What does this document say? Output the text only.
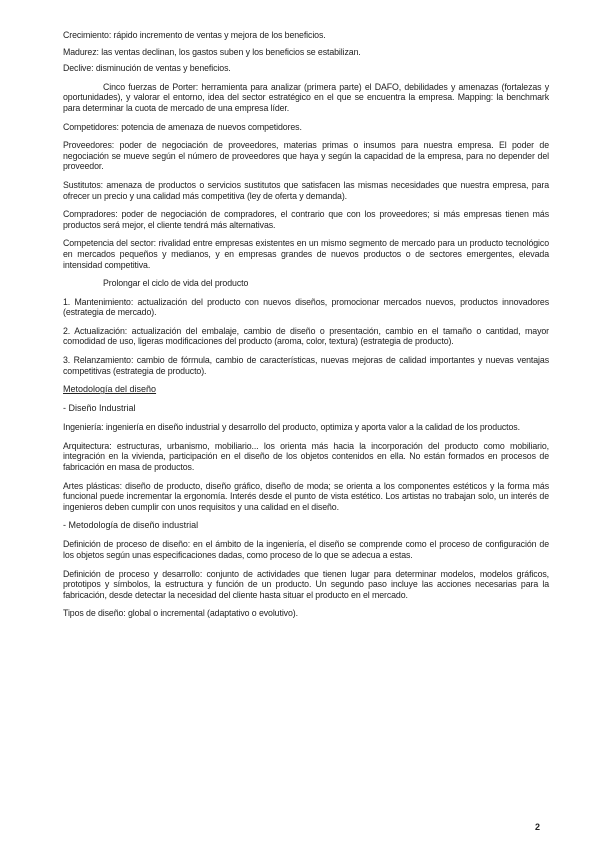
Crecimiento: rápido incremento de ventas y mejora de los beneficios.

Madurez: las ventas declinan, los gastos suben y los beneficios se estabilizan.

Declive: disminución de ventas y beneficios.

Cinco fuerzas de Porter: herramienta para analizar (primera parte) el DAFO, debilidades y amenazas (fortalezas y oportunidades), y valorar el entorno, idea del sector estratégico en el que se encuentra la empresa. Mapping: la benchmark para determinar la cuota de mercado de una empresa líder.

Competidores: potencia de amenaza de nuevos competidores.

Proveedores: poder de negociación de proveedores, materias primas o insumos para nuestra empresa. El poder de negociación se mueve según el número de proveedores que haya y según la capacidad de la empresa, para no depender del proveedor.

Sustitutos: amenaza de productos o servicios sustitutos que satisfacen las mismas necesidades que nuestra empresa, para ofrecer un precio y una calidad más competitiva (ley de oferta y demanda).

Compradores: poder de negociación de compradores, el contrario que con los proveedores; si más empresas tienen más productos será mejor, el cliente tendrá más alternativas.

Competencia del sector: rivalidad entre empresas existentes en un mismo segmento de mercado para un producto tecnológico en mercados pequeños y medianos, y en empresas grandes de nuevos productos o de sectores emergentes, elevada intensidad competitiva.

Prolongar el ciclo de vida del producto

1. Mantenimiento: actualización del producto con nuevos diseños, promocionar mercados nuevos, productos innovadores (estrategia de mercado).

2. Actualización: actualización del embalaje, cambio de diseño o presentación, cambio en el tamaño o cantidad, mayor comodidad de uso, ligeras modificaciones del producto (aroma, color, textura) (estrategia de producto).

3. Relanzamiento: cambio de fórmula, cambio de características, nuevas mejoras de calidad importantes y nuevas ventajas competitivas (estrategia de producto).

Metodología del diseño

- Diseño Industrial

Ingeniería: ingeniería en diseño industrial y desarrollo del producto, optimiza y aporta valor a la calidad de los productos.

Arquitectura: estructuras, urbanismo, mobiliario... los orienta más hacia la incorporación del producto como mobiliario, integración en la vivienda, participación en el diseño de los objetos contenidos en ella. No están formados en procesos de fabricación en masa de productos.

Artes plásticas: diseño de producto, diseño gráfico, diseño de moda; se orienta a los componentes estéticos y la forma más funcional puede incrementar la ergonomía. Interés desde el punto de vista estético. Los artistas no trabajan solo, un interés de ingenieros deben cumplir con unos requisitos y una calidad en el diseño.

- Metodología de diseño industrial

Definición de proceso de diseño: en el ámbito de la ingeniería, el diseño se comprende como el proceso de configuración de los objetos según unas especificaciones dadas, como proceso de lo que se adecua a estas.

Definición de proceso y desarrollo: conjunto de actividades que tienen lugar para determinar modelos, modelos gráficos, prototipos y símbolos, la estructura y función de un producto. Un segundo paso incluye las acciones necesarias para la fabricación, desde detectar la necesidad del cliente hasta situar el producto en el mercado.

Tipos de diseño: global o incremental (adaptativo o evolutivo).

2
